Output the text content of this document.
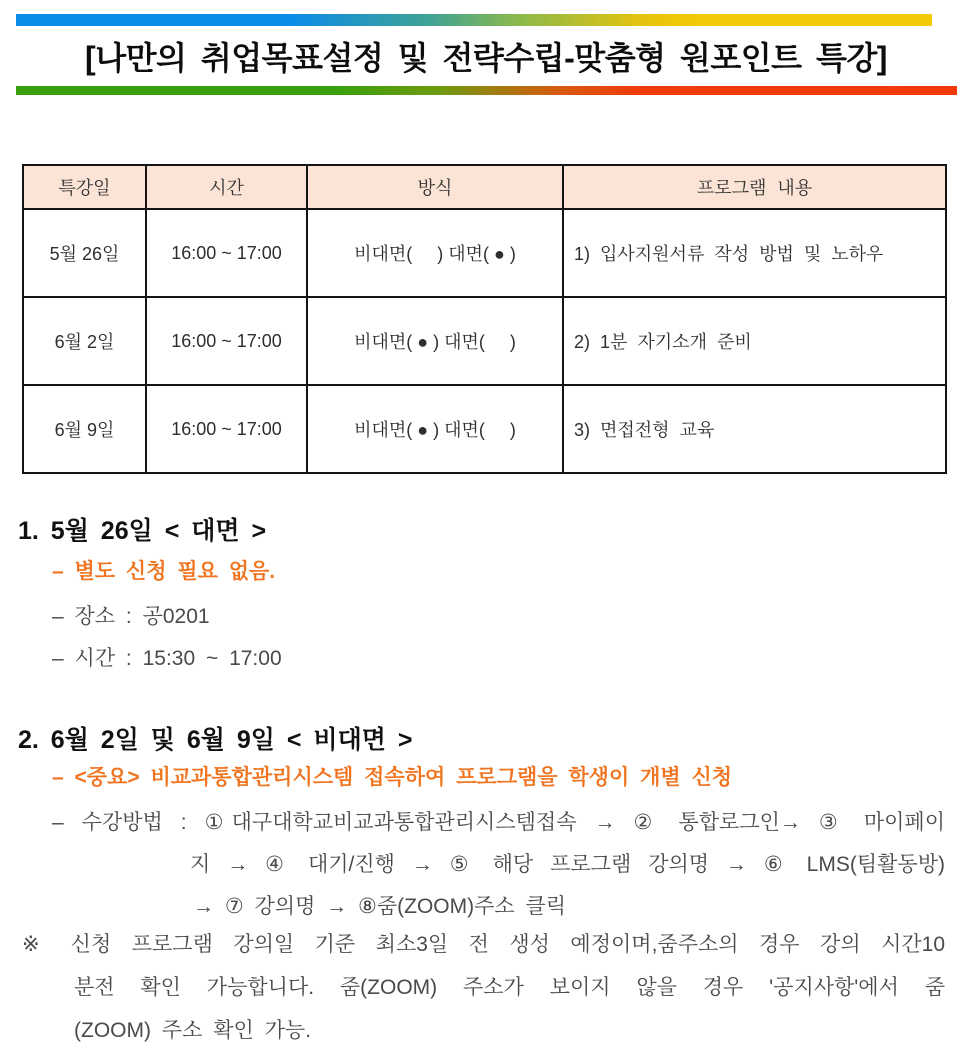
[나만의 취업목표설정 및 전략수립-맞춤형 원포인트 특강]
특강일	시간	방식	프로그램 내용
5월 26일	16:00 ~ 17:00	비대면(     ) 대면( ● )	1) 입사지원서류 작성 방법 및 노하우
6월 2일	16:00 ~ 17:00	비대면( ● ) 대면(     )	2) 1분 자기소개 준비
6월 9일	16:00 ~ 17:00	비대면( ● ) 대면(     )	3) 면접전형 교육
1. 5월 26일 < 대면 >
– 별도 신청 필요 없음.
– 장소 : 공0201
– 시간 : 15:30 ~ 17:00
2. 6월 2일 및 6월 9일 < 비대면 >
– <중요> 비교과통합관리시스템 접속하여 프로그램을 학생이 개별 신청
– 수강방법 : ①대구대학교비교과통합관리시스템접속 → ② 통합로그인→ ③ 마이페이
지 → ④ 대기/진행 → ⑤ 해당 프로그램 강의명 → ⑥ LMS(팀활동방)
→ ⑦ 강의명 → ⑧줌(ZOOM)주소 클릭
※ 신청 프로그램 강의일 기준 최소3일 전 생성 예정이며,줌주소의 경우 강의 시간10
분전 확인 가능합니다. 줌(ZOOM) 주소가 보이지 않을 경우 '공지사항'에서 줌
(ZOOM) 주소 확인 가능.
